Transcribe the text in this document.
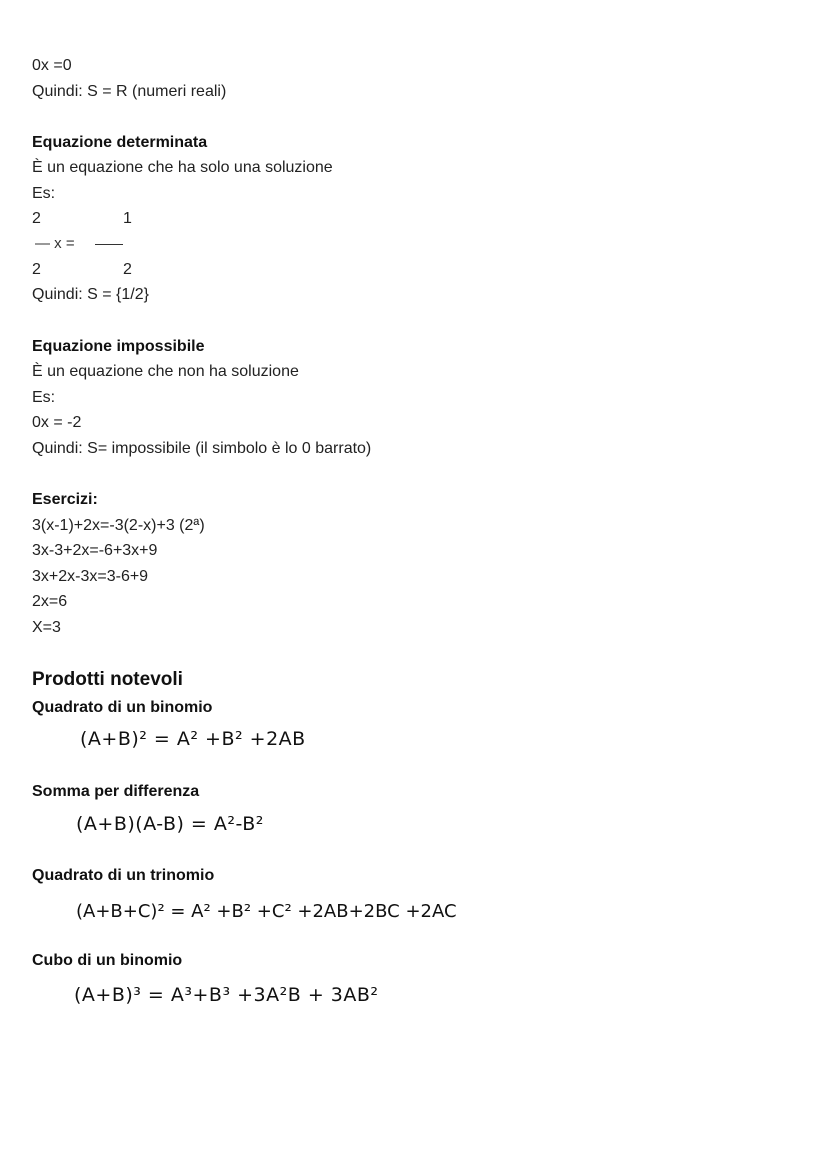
0x =0
Quindi: S = R (numeri reali)
Equazione determinata
È un equazione che ha solo una soluzione
Es:
2	1
— x =
2	2
Quindi: S = {1/2}
Equazione impossibile
È un equazione che non ha soluzione
Es:
0x = -2
Quindi: S= impossibile (il simbolo è lo 0 barrato)
Esercizi:
3(x-1)+2x=-3(2-x)+3 (2ª)
3x-3+2x=-6+3x+9
3x+2x-3x=3-6+9
2x=6
X=3
Prodotti notevoli
Quadrato di un binomio
(A+B)² = A² +B² +2AB
Somma per differenza
(A+B)(A-B) = A²-B²
Quadrato di un trinomio
(A+B+C)² = A² +B² +C² +2AB+2BC +2AC
Cubo di un binomio
(A+B)³ = A³+B³ +3A²B + 3AB²
